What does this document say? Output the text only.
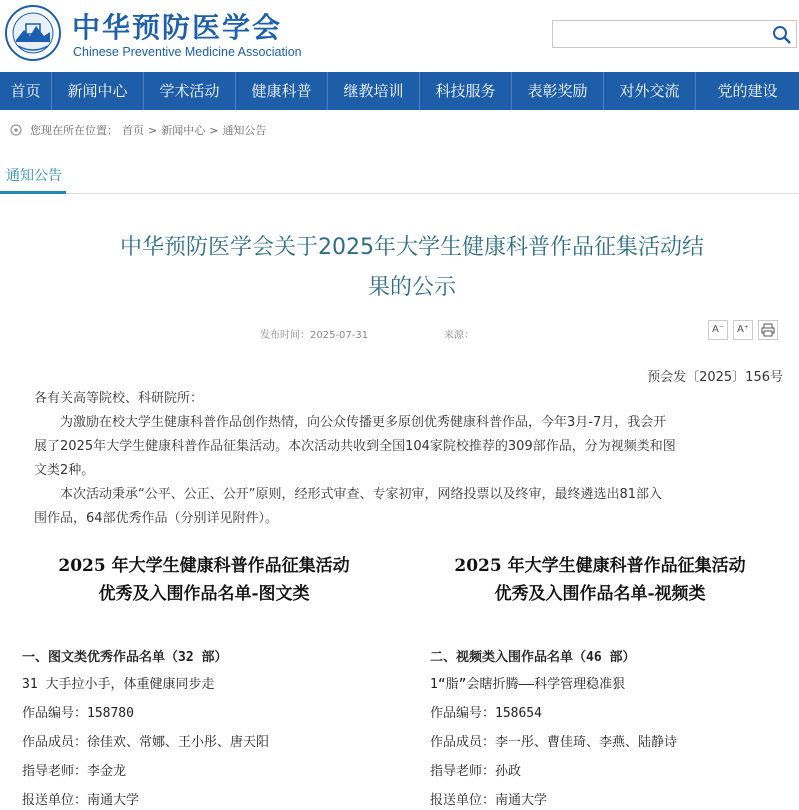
中华预防医学会
Chinese Preventive Medicine Association
首页	新闻中心	学术活动	健康科普	继教培训	科技服务	表彰奖励	对外交流	党的建设
您现在所在位置： 首页 > 新闻中心 > 通知公告
通知公告
中华预防医学会关于2025年大学生健康科普作品征集活动结
果的公示
发布时间：2025-07-31	来源：
A⁻	A⁺
预会发〔2025〕156号
各有关高等院校、科研院所：
为激励在校大学生健康科普作品创作热情，向公众传播更多原创优秀健康科普作品，今年3月-7月，我会开
展了2025年大学生健康科普作品征集活动。本次活动共收到全国104家院校推荐的309部作品，分为视频类和图
文类2种。
本次活动秉承“公平、公正、公开”原则，经形式审查、专家初审，网络投票以及终审，最终遴选出81部入
围作品，64部优秀作品（分别详见附件）。
2025 年大学生健康科普作品征集活动
优秀及入围作品名单-图文类
一、图文类优秀作品名单（32 部）
31 大手拉小手，体重健康同步走
作品编号：158780
作品成员：徐佳欢、常娜、王小彤、唐天阳
指导老师：李金龙
报送单位：南通大学
2025 年大学生健康科普作品征集活动
优秀及入围作品名单-视频类
二、视频类入围作品名单（46 部）
1“脂”会瞎折腾——科学管理稳准狠
作品编号：158654
作品成员：李一彤、曹佳琦、李燕、陆静诗
指导老师：孙政
报送单位：南通大学
